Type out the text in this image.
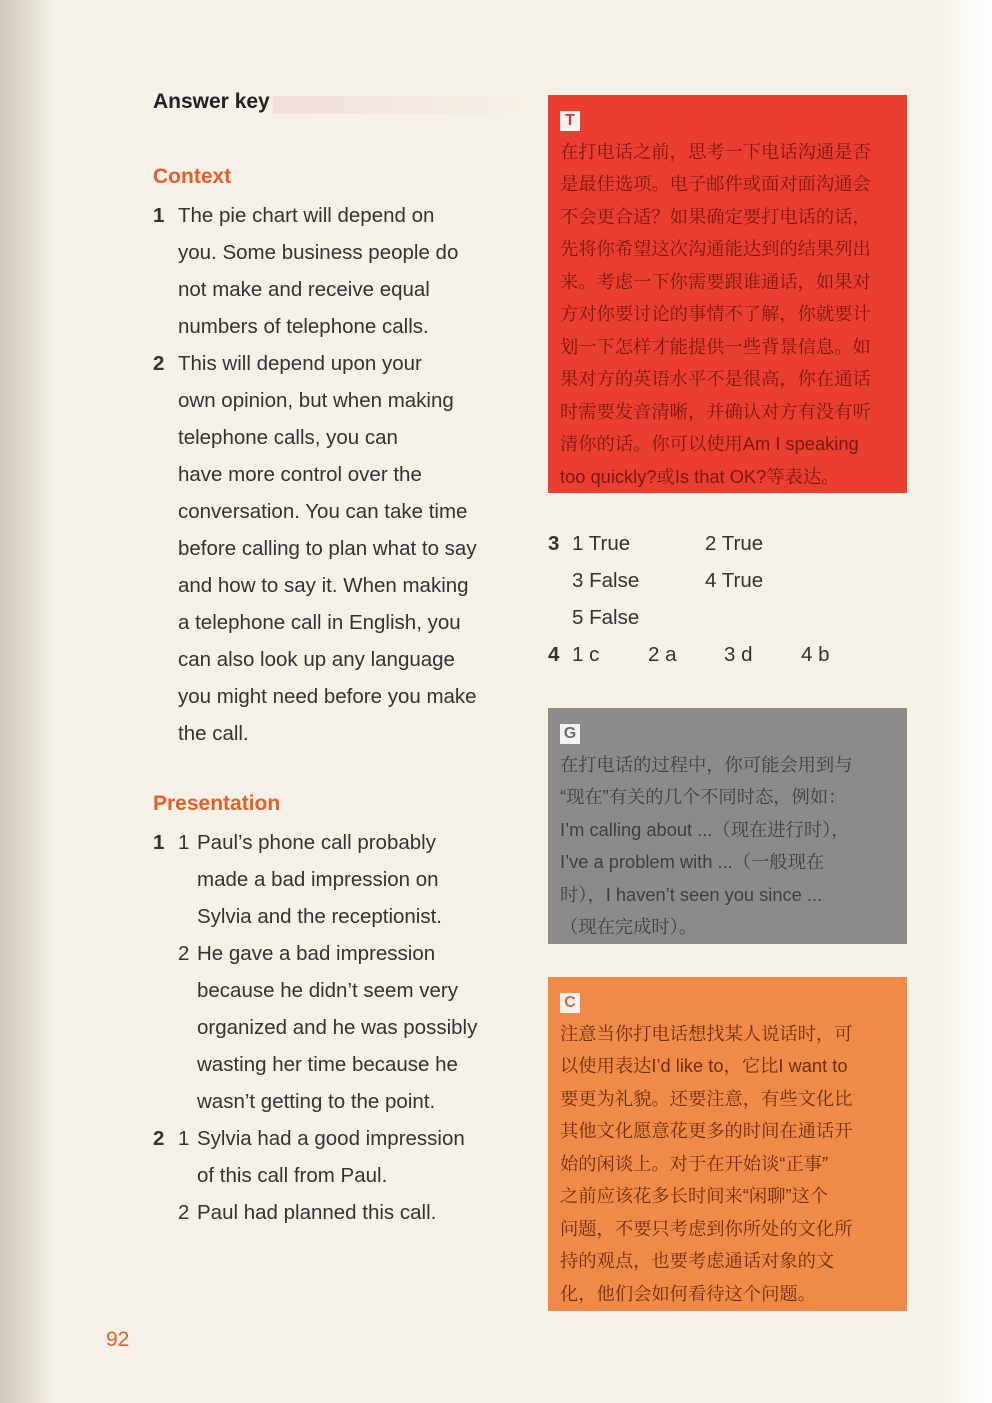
Answer key
Context
1 The pie chart will depend on
you. Some business people do
not make and receive equal
numbers of telephone calls.
2 This will depend upon your
own opinion, but when making
telephone calls, you can
have more control over the
conversation. You can take time
before calling to plan what to say
and how to say it. When making
a telephone call in English, you
can also look up any language
you might need before you make
the call.
Presentation
1 1 Paul’s phone call probably
made a bad impression on
Sylvia and the receptionist.
2 He gave a bad impression
because he didn’t seem very
organized and he was possibly
wasting her time because he
wasn’t getting to the point.
2 1 Sylvia had a good impression
of this call from Paul.
2 Paul had planned this call.
T
在打电话之前，思考一下电话沟通是否
是最佳选项。电子邮件或面对面沟通会
不会更合适？如果确定要打电话的话，
先将你希望这次沟通能达到的结果列出
来。考虑一下你需要跟谁通话，如果对
方对你要讨论的事情不了解，你就要计
划一下怎样才能提供一些背景信息。如
果对方的英语水平不是很高，你在通话
时需要发音清晰，并确认对方有没有听
清你的话。你可以使用Am I speaking
too quickly?或Is that OK?等表达。
3 1 True	2 True
3 False	4 True
5 False
4 1 c 2 a 3 d 4 b
G
在打电话的过程中，你可能会用到与
“现在”有关的几个不同时态，例如：
I’m calling about ...（现在进行时），
I’ve a problem with ...（一般现在
时），I haven’t seen you since ...
（现在完成时）。
C
注意当你打电话想找某人说话时，可
以使用表达I’d like to，它比I want to
要更为礼貌。还要注意，有些文化比
其他文化愿意花更多的时间在通话开
始的闲谈上。对于在开始谈“正事”
之前应该花多长时间来“闲聊”这个
问题，不要只考虑到你所处的文化所
持的观点，也要考虑通话对象的文
化，他们会如何看待这个问题。
92
